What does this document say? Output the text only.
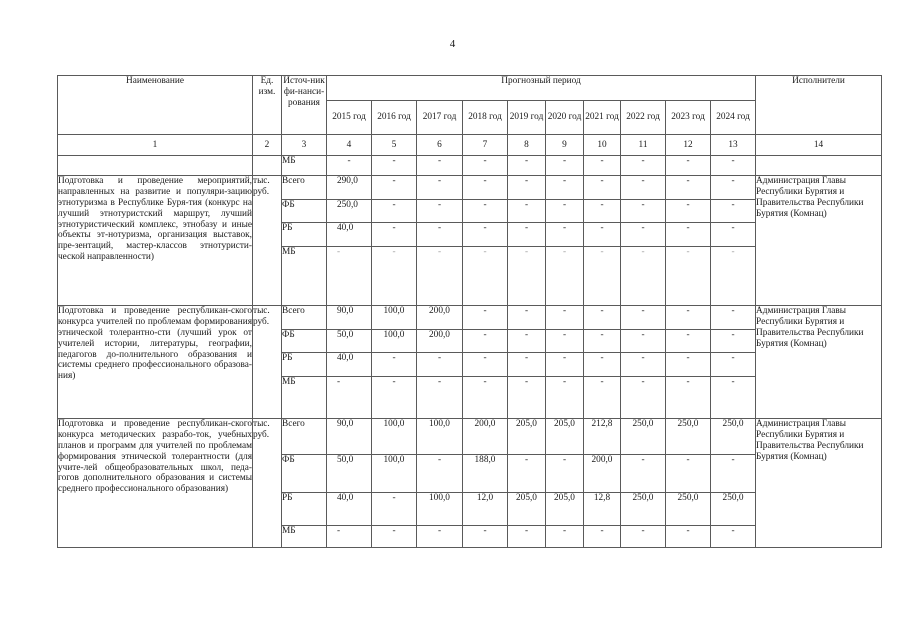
4
Наименование	Ед. изм.	Источ-ник фи-нанси-рования	Прогнозный период										Исполнители
			2015 год	2016 год	2017 год	2018 год	2019 год	2020 год	2021 год	2022 год	2023 год	2024 год	
1	2	3	4	5	6	7	8	9	10	11	12	13	14
		МБ	-	-	-	-	-	-	-	-	-	-	
Подготовка и проведение мероприятий, направленных на развитие и популяри-зацию этнотуризма в Республике Буря-тия (конкурс на лучший этнотуристский маршрут, лучший этнотуристический комплекс, этнобазу и иные объекты эт-нотуризма, организация выставок, пре-зентаций, мастер-классов этнотуристи-ческой направленности)	тыс. руб.	Всего	290,0	-	-	-	-	-	-	-	-	-	Администрация Главы Республики Бурятия и Правительства Республики Бурятия (Комнац)
		ФБ	250,0	-	-	-	-	-	-	-	-	-	
		РБ	40,0	-	-	-	-	-	-	-	-	-	
		МБ	-	-	-	-	-	-	-	-	-	-	
Подготовка и проведение республикан-ского конкурса учителей по проблемам формирования этнической толерантно-сти (лучший урок от учителей истории, литературы, географии, педагогов до-полнительного образования и системы среднего профессионального образова-ния)	тыс. руб.	Всего	90,0	100,0	200,0	-	-	-	-	-	-	-	Администрация Главы Республики Бурятия и Правительства Республики Бурятия (Комнац)
		ФБ	50,0	100,0	200,0	-	-	-	-	-	-	-	
		РБ	40,0	-	-	-	-	-	-	-	-	-	
		МБ	-	-	-	-	-	-	-	-	-	-	
Подготовка и проведение республикан-ского конкурса методических разрабо-ток, учебных планов и программ для учителей по проблемам формирования этнической толерантности (для учите-лей общеобразовательных школ, педа-гогов дополнительного образования и системы среднего профессионального образования)	тыс. руб.	Всего	90,0	100,0	100,0	200,0	205,0	205,0	212,8	250,0	250,0	250,0	Администрация Главы Республики Бурятия и Правительства Республики Бурятия (Комнац)
		ФБ	50,0	100,0	-	188,0	-	-	200,0	-	-	-	
		РБ	40,0	-	100,0	12,0	205,0	205,0	12,8	250,0	250,0	250,0	
		МБ	-	-	-	-	-	-	-	-	-	-	
